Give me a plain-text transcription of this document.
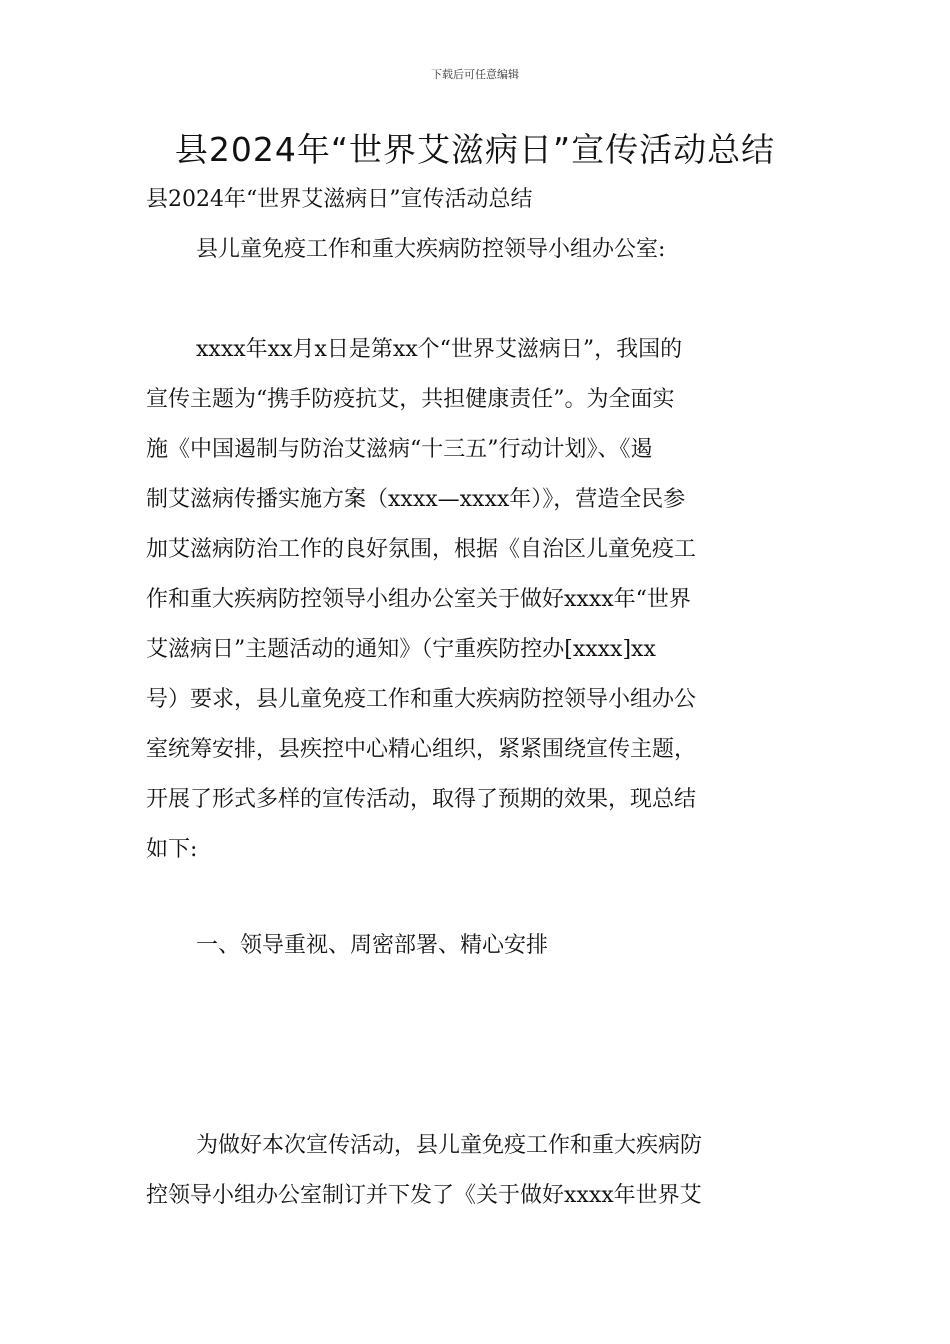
下载后可任意编辑
县2024年“世界艾滋病日”宣传活动总结
县2024年“世界艾滋病日”宣传活动总结
县儿童免疫工作和重大疾病防控领导小组办公室:
xxxx年xx月x日是第xx个“世界艾滋病日”，我国的
宣传主题为“携手防疫抗艾，共担健康责任”。为全面实
施《中国遏制与防治艾滋病“十三五”行动计划》、《遏
制艾滋病传播实施方案（xxxx—xxxx年）》，营造全民参
加艾滋病防治工作的良好氛围，根据《自治区儿童免疫工
作和重大疾病防控领导小组办公室关于做好xxxx年“世界
艾滋病日”主题活动的通知》（宁重疾防控办[xxxx]xx
号）要求，县儿童免疫工作和重大疾病防控领导小组办公
室统筹安排，县疾控中心精心组织，紧紧围绕宣传主题，
开展了形式多样的宣传活动，取得了预期的效果，现总结
如下:
一、领导重视、周密部署、精心安排
为做好本次宣传活动，县儿童免疫工作和重大疾病防
控领导小组办公室制订并下发了《关于做好xxxx年世界艾
